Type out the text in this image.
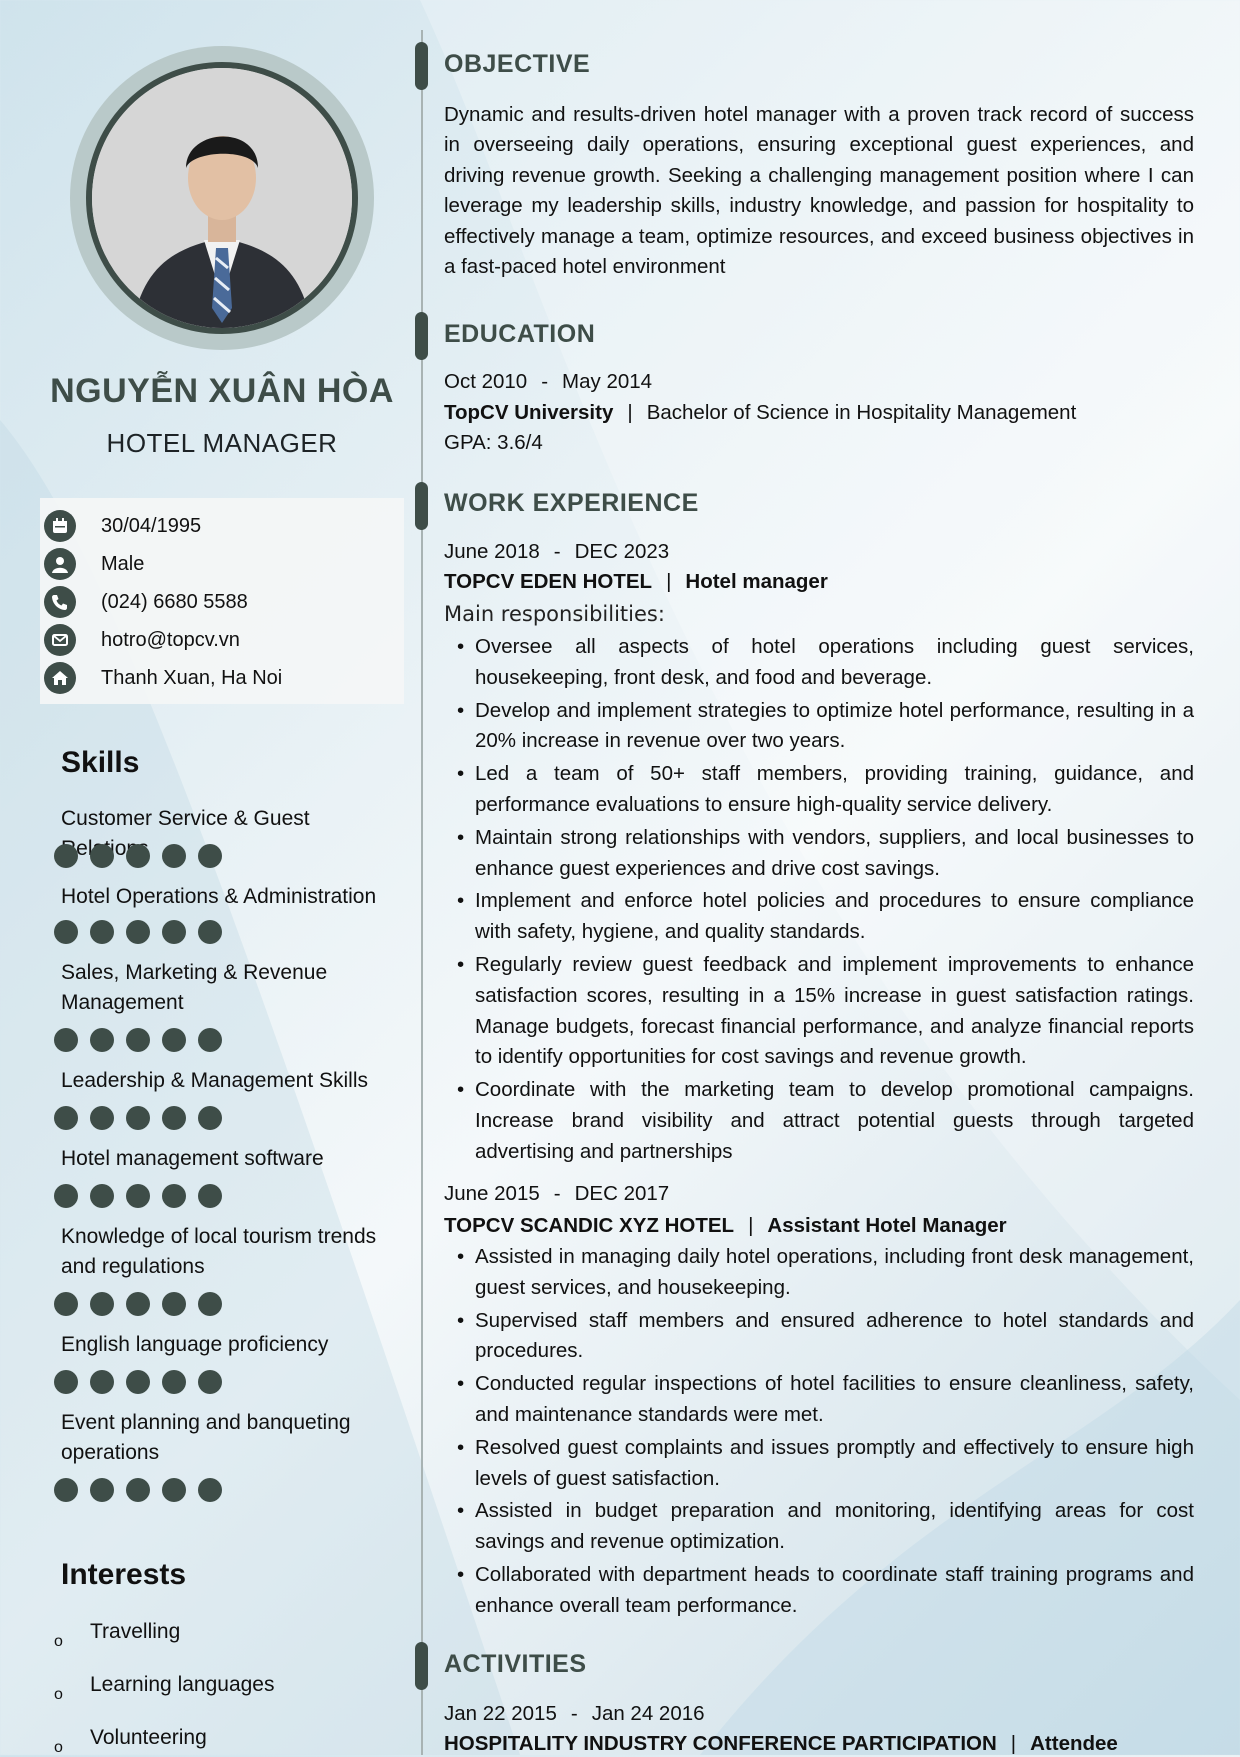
NGUYỄN XUÂN HÒA
HOTEL MANAGER
30/04/1995
Male
(024) 6680 5588
hotro@topcv.vn
Thanh Xuan, Ha Noi
Skills
Customer Service & Guest
Hotel Operations & Administration
Sales, Marketing & Revenue Management
Leadership & Management Skills
Hotel management software
Knowledge of local tourism trends and regulations
English language proficiency
Event planning and banqueting operations
Interests
o Travelling
o Learning languages
o Volunteering
OBJECTIVE
Dynamic and results-driven hotel manager with a proven track record of success in overseeing daily operations, ensuring exceptional guest experiences, and driving revenue growth. Seeking a challenging management position where I can leverage my leadership skills, industry knowledge, and passion for hospitality to effectively manage a team, optimize resources, and exceed business objectives in a fast-paced hotel environment
EDUCATION
Oct 2010 - May 2014
TopCV University | Bachelor of Science in Hospitality Management
GPA: 3.6/4
WORK EXPERIENCE
June 2018 - DEC 2023
TOPCV EDEN HOTEL | Hotel manager
Main responsibilities:
• Oversee all aspects of hotel operations including guest services, housekeeping, front desk, and food and beverage.
• Develop and implement strategies to optimize hotel performance, resulting in a 20% increase in revenue over two years.
• Led a team of 50+ staff members, providing training, guidance, and performance evaluations to ensure high-quality service delivery.
• Maintain strong relationships with vendors, suppliers, and local businesses to enhance guest experiences and drive cost savings.
• Implement and enforce hotel policies and procedures to ensure compliance with safety, hygiene, and quality standards.
• Regularly review guest feedback and implement improvements to enhance satisfaction scores, resulting in a 15% increase in guest satisfaction ratings. Manage budgets, forecast financial performance, and analyze financial reports to identify opportunities for cost savings and revenue growth.
• Coordinate with the marketing team to develop promotional campaigns. Increase brand visibility and attract potential guests through targeted advertising and partnerships
June 2015 - DEC 2017
TOPCV SCANDIC XYZ HOTEL | Assistant Hotel Manager
• Assisted in managing daily hotel operations, including front desk management, guest services, and housekeeping.
• Supervised staff members and ensured adherence to hotel standards and procedures.
• Conducted regular inspections of hotel facilities to ensure cleanliness, safety, and maintenance standards were met.
• Resolved guest complaints and issues promptly and effectively to ensure high levels of guest satisfaction.
• Assisted in budget preparation and monitoring, identifying areas for cost savings and revenue optimization.
• Collaborated with department heads to coordinate staff training programs and enhance overall team performance.
ACTIVITIES
Jan 22 2015 - Jan 24 2016
HOSPITALITY INDUSTRY CONFERENCE PARTICIPATION | Attendee
